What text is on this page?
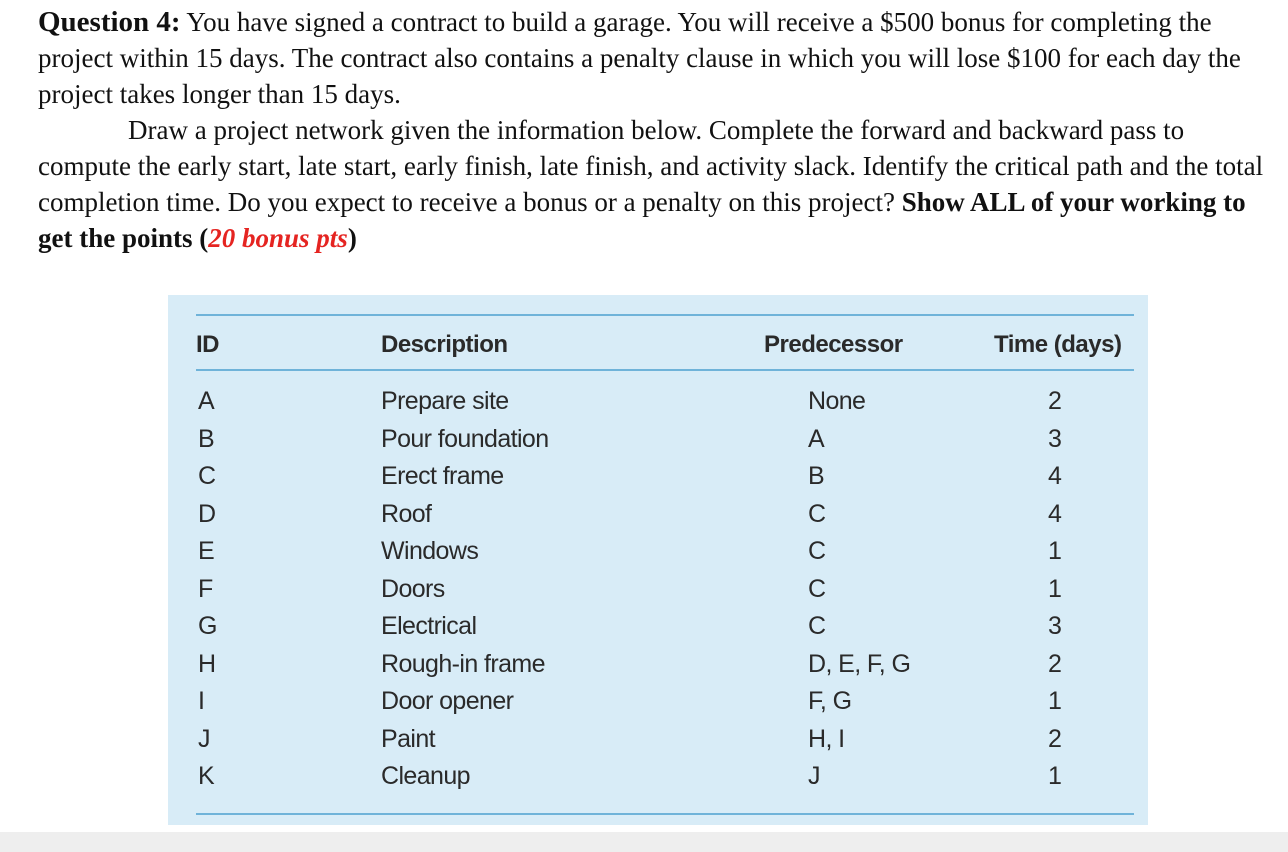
Question 4: You have signed a contract to build a garage. You will receive a $500 bonus for completing the project within 15 days. The contract also contains a penalty clause in which you will lose $100 for each day the project takes longer than 15 days.

Draw a project network given the information below. Complete the forward and backward pass to compute the early start, late start, early finish, late finish, and activity slack. Identify the critical path and the total completion time. Do you expect to receive a bonus or a penalty on this project? Show ALL of your working to get the points (20 bonus pts)

ID	Description	Predecessor	Time (days)
A	Prepare site	None	2
B	Pour foundation	A	3
C	Erect frame	B	4
D	Roof	C	4
E	Windows	C	1
F	Doors	C	1
G	Electrical	C	3
H	Rough-in frame	D, E, F, G	2
I	Door opener	F, G	1
J	Paint	H, I	2
K	Cleanup	J	1
